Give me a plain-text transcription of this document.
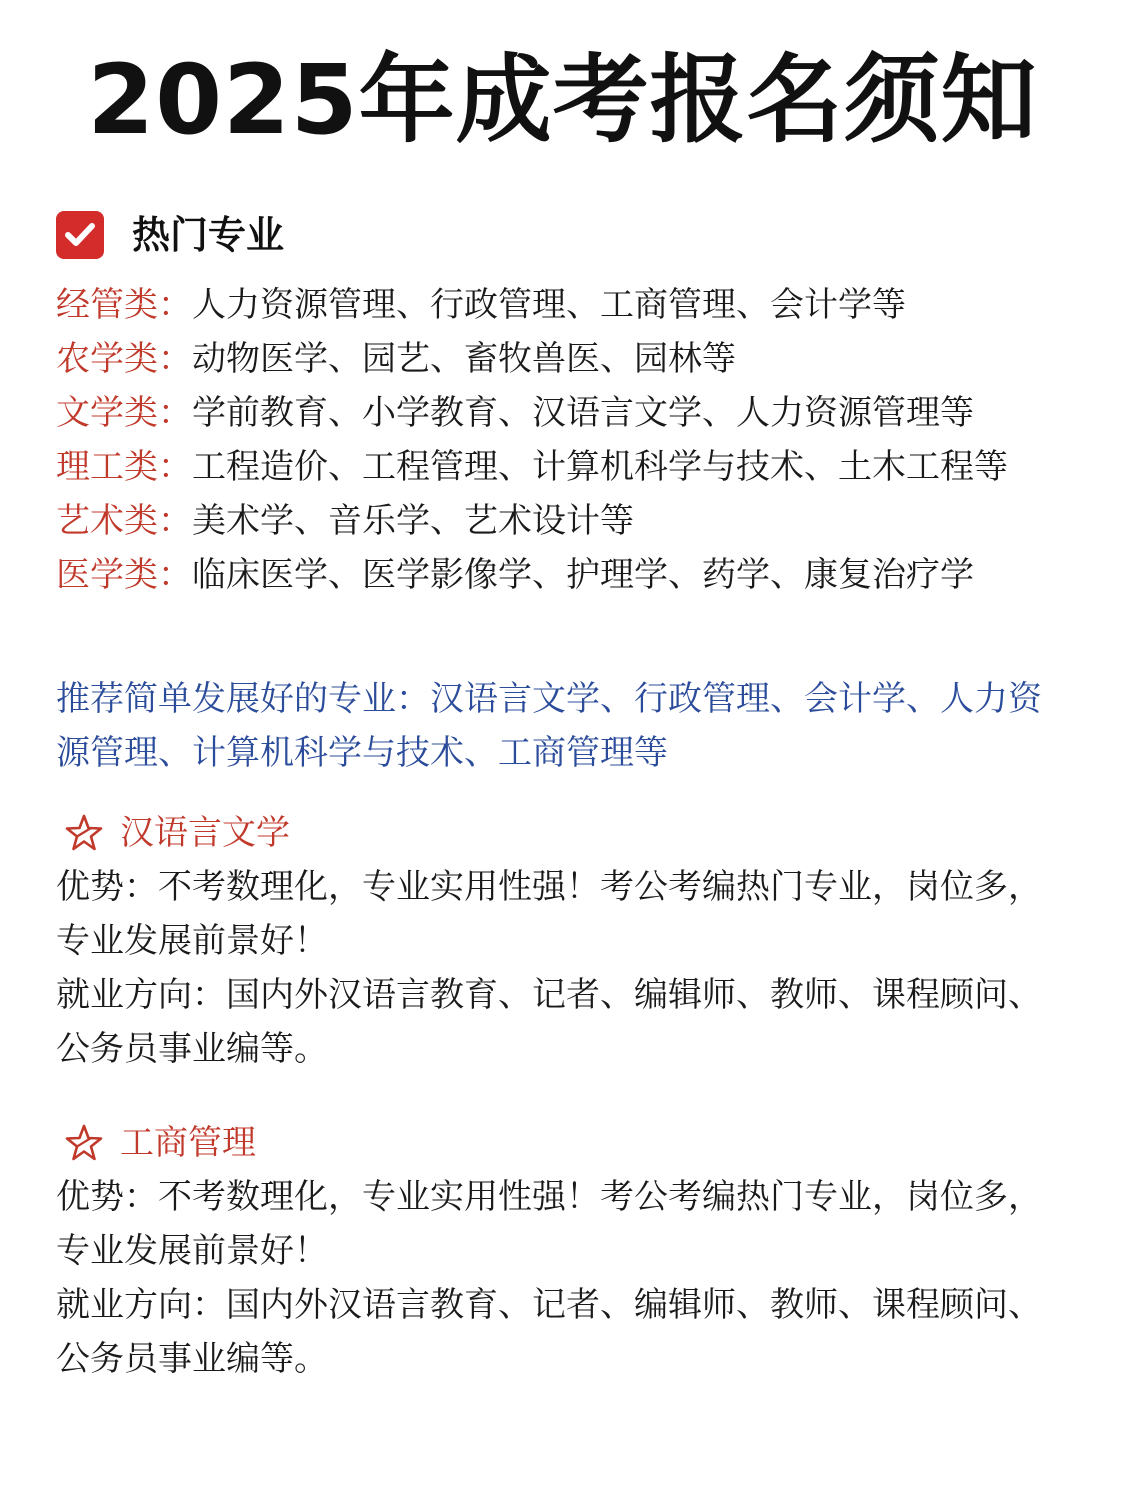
2025年成考报名须知
热门专业
经管类：人力资源管理、行政管理、工商管理、会计学等
农学类：动物医学、园艺、畜牧兽医、园林等
文学类：学前教育、小学教育、汉语言文学、人力资源管理等
理工类：工程造价、工程管理、计算机科学与技术、土木工程等
艺术类：美术学、音乐学、艺术设计等
医学类：临床医学、医学影像学、护理学、药学、康复治疗学
推荐简单发展好的专业：汉语言文学、行政管理、会计学、人力资源管理、计算机科学与技术、工商管理等
汉语言文学

优势：不考数理化，专业实用性强！考公考编热门专业，岗位多，专业发展前景好！

就业方向：国内外汉语言教育、记者、编辑师、教师、课程顾问、公务员事业编等。

工商管理

优势：不考数理化，专业实用性强！考公考编热门专业，岗位多，专业发展前景好！

就业方向：国内外汉语言教育、记者、编辑师、教师、课程顾问、公务员事业编等。
